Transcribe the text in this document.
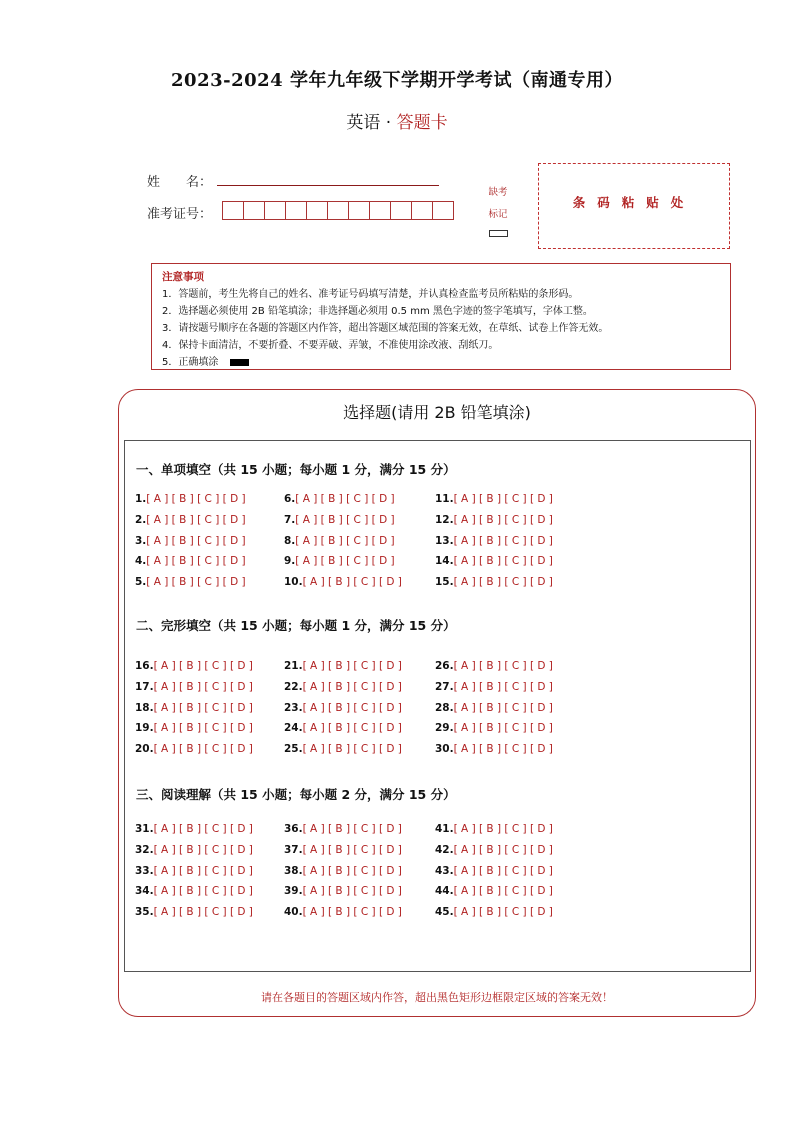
2023-2024 学年九年级下学期开学考试（南通专用）
英语 · 答题卡
姓　　名：
准考证号：
缺考
标记
条码粘贴处
注意事项
1．答题前，考生先将自己的姓名、准考证号码填写清楚，并认真检查监考员所粘贴的条形码。
2．选择题必须使用 2B 铅笔填涂；非选择题必须用 0.5 mm 黑色字迹的签字笔填写，字体工整。
3．请按题号顺序在各题的答题区内作答，超出答题区域范围的答案无效，在草纸、试卷上作答无效。
4．保持卡面清洁，不要折叠、不要弄破、弄皱，不准使用涂改液、刮纸刀。
5．正确填涂
选择题(请用 2B 铅笔填涂)
一、单项填空（共 15 小题；每小题 1 分，满分 15 分）
二、完形填空（共 15 小题；每小题 1 分，满分 15 分）
三、阅读理解（共 15 小题；每小题 2 分，满分 15 分）
1.[ A ] [ B ] [ C ] [ D ]
2.[ A ] [ B ] [ C ] [ D ]
3.[ A ] [ B ] [ C ] [ D ]
4.[ A ] [ B ] [ C ] [ D ]
5.[ A ] [ B ] [ C ] [ D ]
6.[ A ] [ B ] [ C ] [ D ]
7.[ A ] [ B ] [ C ] [ D ]
8.[ A ] [ B ] [ C ] [ D ]
9.[ A ] [ B ] [ C ] [ D ]
10.[ A ] [ B ] [ C ] [ D ]
11.[ A ] [ B ] [ C ] [ D ]
12.[ A ] [ B ] [ C ] [ D ]
13.[ A ] [ B ] [ C ] [ D ]
14.[ A ] [ B ] [ C ] [ D ]
15.[ A ] [ B ] [ C ] [ D ]
16.[ A ] [ B ] [ C ] [ D ]
17.[ A ] [ B ] [ C ] [ D ]
18.[ A ] [ B ] [ C ] [ D ]
19.[ A ] [ B ] [ C ] [ D ]
20.[ A ] [ B ] [ C ] [ D ]
21.[ A ] [ B ] [ C ] [ D ]
22.[ A ] [ B ] [ C ] [ D ]
23.[ A ] [ B ] [ C ] [ D ]
24.[ A ] [ B ] [ C ] [ D ]
25.[ A ] [ B ] [ C ] [ D ]
26.[ A ] [ B ] [ C ] [ D ]
27.[ A ] [ B ] [ C ] [ D ]
28.[ A ] [ B ] [ C ] [ D ]
29.[ A ] [ B ] [ C ] [ D ]
30.[ A ] [ B ] [ C ] [ D ]
31.[ A ] [ B ] [ C ] [ D ]
32.[ A ] [ B ] [ C ] [ D ]
33.[ A ] [ B ] [ C ] [ D ]
34.[ A ] [ B ] [ C ] [ D ]
35.[ A ] [ B ] [ C ] [ D ]
36.[ A ] [ B ] [ C ] [ D ]
37.[ A ] [ B ] [ C ] [ D ]
38.[ A ] [ B ] [ C ] [ D ]
39.[ A ] [ B ] [ C ] [ D ]
40.[ A ] [ B ] [ C ] [ D ]
41.[ A ] [ B ] [ C ] [ D ]
42.[ A ] [ B ] [ C ] [ D ]
43.[ A ] [ B ] [ C ] [ D ]
44.[ A ] [ B ] [ C ] [ D ]
45.[ A ] [ B ] [ C ] [ D ]
请在各题目的答题区域内作答，超出黑色矩形边框限定区域的答案无效！
